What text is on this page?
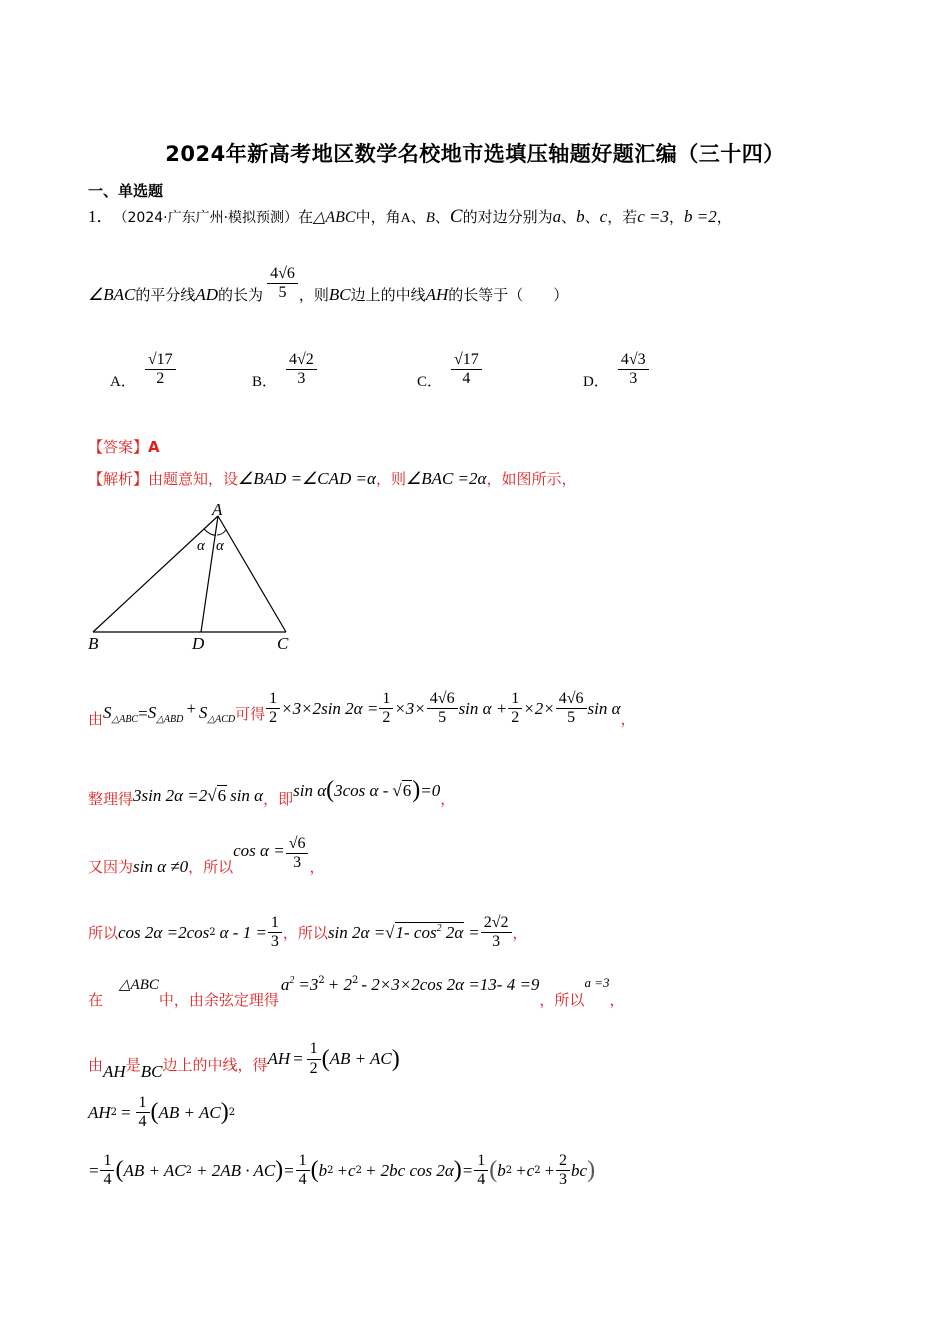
2024年新高考地区数学名校地市选填压轴题好题汇编（三十四）
一、单选题
1． （2024·广东广州·模拟预测） 在 △ABC 中，角 A 、 B 、 C 的对边分别为 a 、 b 、 c ，若 c =3 ， b =2 ，
∠BAC 的平分线 AD 的长为 $\frac{4√6}{5}$ ，则 BC 边上的中线 AH 的长等于（　　）
A． $\frac{√17}{2}$	B． $\frac{4√2}{3}$	C． $\frac{√17}{4}$	D． $\frac{4√3}{3}$
【答案】A
【解析】 由题意知，设 ∠BAD =∠CAD =α ，则 ∠BAC =2α ，如图所示，
A
B	D	C
α α
由 $S_{\triangle ABC} = S_{\triangle ABD}$
+ $S_{\triangle ACD}$ 可得 $\frac{1}{2} \times 3\times 2\sin$ $2\alpha = \frac{1}{2} \times 3\times \frac{4√6}{5}$ $\sin \alpha + \frac{1}{2} \times 2\times \frac{4√6}{5}$ sin α
，
整理得 3sin 2α =2 √6 sin α ，即 sin α ( 3cos α - √6 ) =0 ，
又因为 sin α ≠0 ，所以
$\cos \alpha = \frac{√6}{3}$ ，
所以 cos 2α =2cos 2 $\alpha - 1 = \frac{1}{3}$ ，所以 sin 2α = √1- $\cos^2 2\alpha = \frac{2√2}{3}$ ，
在
△ABC
中，由余弦定理得
$a^2 =3$ 2 + 2 2 - 2×3×2cos 2α =13- 4 =9
，所以
a =3
，
由 AH 是 BC 边上的中线，得 AH = $\frac{1}{2}$ ( AB + AC )
AH $2 = \frac{1}{4}$ ( AB + AC ) 2
= $\frac{1}{4}$ ( AB + AC 2 + 2AB · AC ) = $\frac{1}{4}$ ( b 2 +c 2 + 2bc cos 2α ) = $\frac{1}{4}$ ( b 2 +c $2 + \frac{2}{3}$ bc )
